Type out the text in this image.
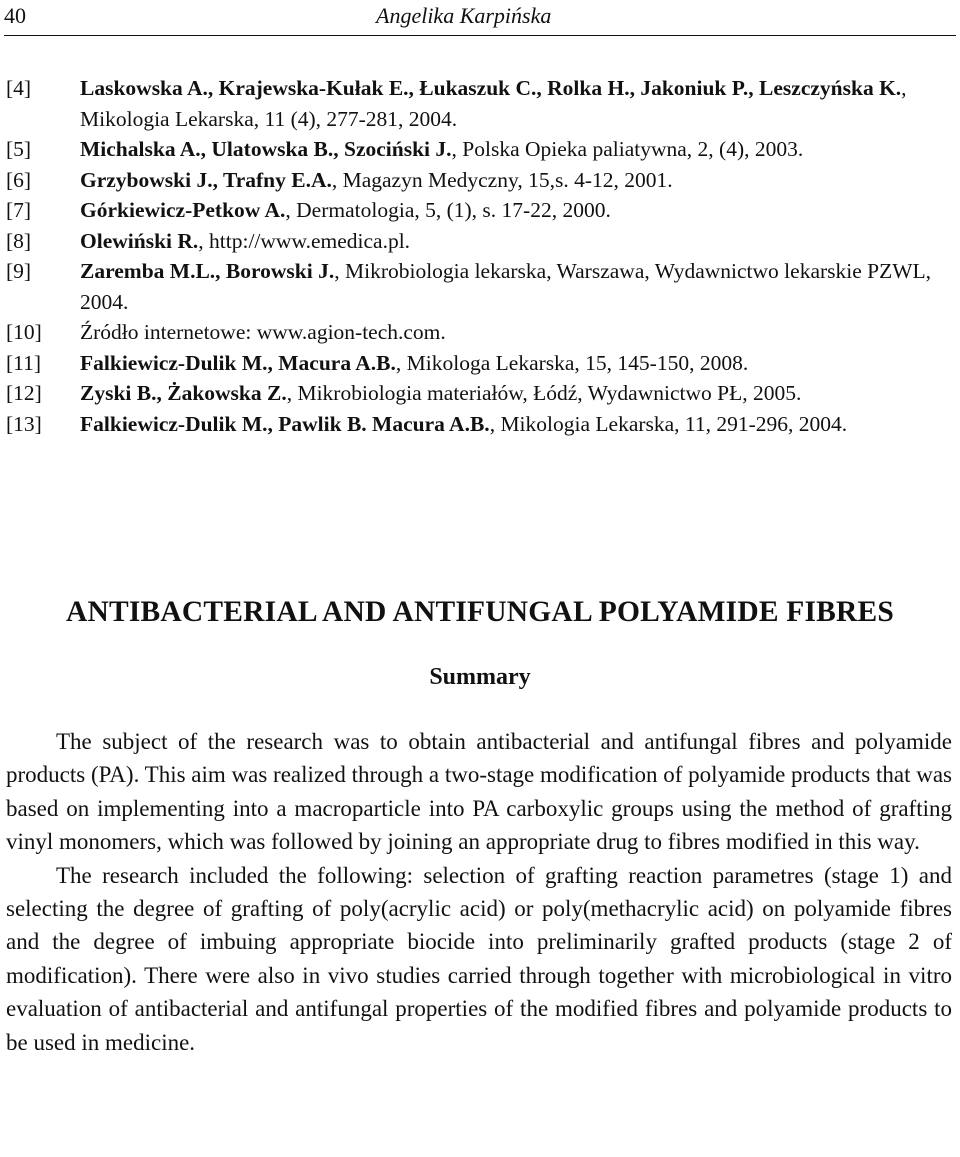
40	Angelika Karpińska
[4]	Laskowska A., Krajewska-Kułak E., Łukaszuk C., Rolka H., Jakoniuk P., Leszczyńska K., Mikologia Lekarska, 11 (4), 277-281, 2004.
[5]	Michalska A., Ulatowska B., Szociński J., Polska Opieka paliatywna, 2, (4), 2003.
[6]	Grzybowski J., Trafny E.A., Magazyn Medyczny, 15,s. 4-12, 2001.
[7]	Górkiewicz-Petkow A., Dermatologia, 5, (1), s. 17-22, 2000.
[8]	Olewiński R., http://www.emedica.pl.
[9]	Zaremba M.L., Borowski J., Mikrobiologia lekarska, Warszawa, Wydawnictwo lekarskie PZWL, 2004.
[10]	Źródło internetowe: www.agion-tech.com.
[11]	Falkiewicz-Dulik M., Macura A.B., Mikologa Lekarska, 15, 145-150, 2008.
[12]	Zyski B., Żakowska Z., Mikrobiologia materiałów, Łódź, Wydawnictwo PŁ, 2005.
[13]	Falkiewicz-Dulik M., Pawlik B. Macura A.B., Mikologia Lekarska, 11, 291-296, 2004.
ANTIBACTERIAL AND ANTIFUNGAL POLYAMIDE FIBRES
Summary

The subject of the research was to obtain antibacterial and antifungal fibres and polyamide products (PA). This aim was realized through a two-stage modification of polyamide products that was based on implementing into a macroparticle into PA carboxylic groups using the method of grafting vinyl monomers, which was followed by joining an appropriate drug to fibres modified in this way.

The research included the following: selection of grafting reaction parametres (stage 1) and selecting the degree of grafting of poly(acrylic acid) or poly(methacrylic acid) on polyamide fibres and the degree of imbuing appropriate biocide into preliminarily grafted products (stage 2 of modification). There were also in vivo studies carried through together with microbiological in vitro evaluation of antibacterial and antifungal properties of the modified fibres and polyamide products to be used in medicine.
